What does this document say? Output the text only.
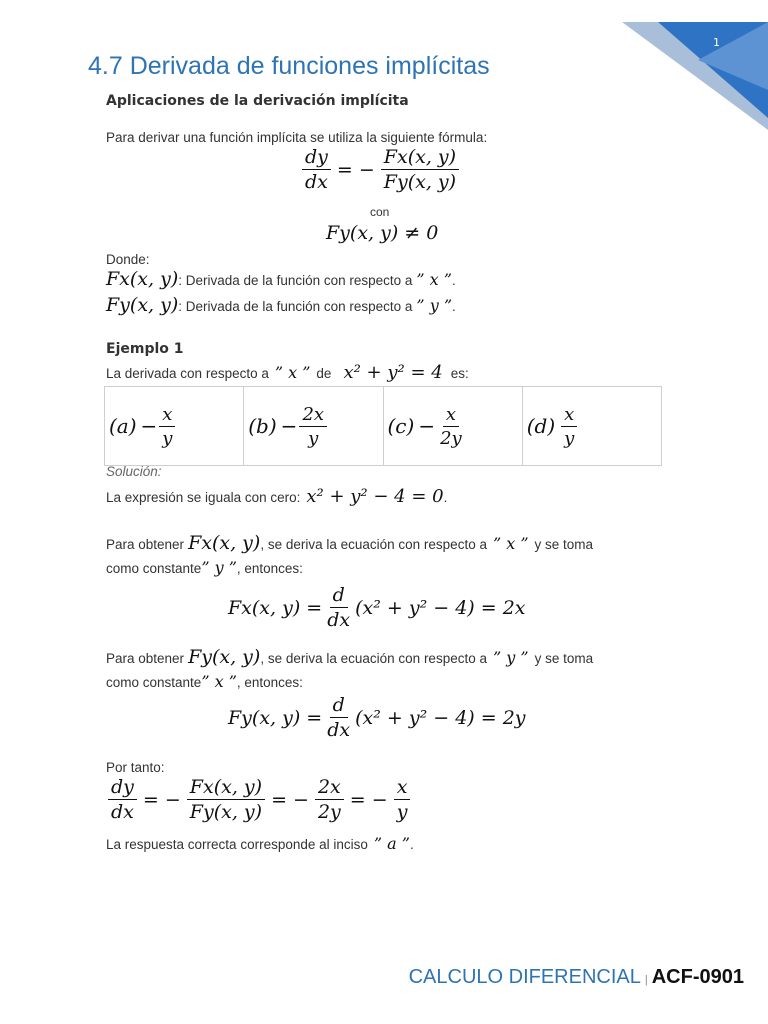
1
4.7 Derivada de funciones implícitas
Aplicaciones de la derivación implícita
Para derivar una función implícita se utiliza la siguiente fórmula:
$\frac{dy}{dx}$ = − $\frac{Fx(x, y)}{Fy(x, y)}$
con
Fy(x, y) ≠ 0
Donde:
Fx(x, y) : Derivada de la función con respecto a ” x ” .
Fy(x, y) : Derivada de la función con respecto a ” y ” .
Ejemplo 1
La derivada con respecto a ” x ” de x² + y² = 4 es:
$(a) - \frac{x}{y}$	$(b) - \frac{2x}{y}$	$(c) - \frac{x}{2y}$	$(d) \frac{x}{y}$
Solución:
La expresión se iguala con cero: x² + y² − 4 = 0 .
Para obtener Fx(x, y) , se deriva la ecuación con respecto a ” x ” y se toma
como constante ” y ” , entonces:
Fx(x, $y) = \frac{d}{dx} (x^2 + y^2 - 4) = 2x$
Para obtener Fy(x, y) , se deriva la ecuación con respecto a ” y ” y se toma
como constante ” x ” , entonces:
Fy(x, $y) = \frac{d}{dx} (x^2 + y^2 - 4) = 2y$
Por tanto:
$\frac{dy}{dx}$ = − $\frac{Fx(x, y)}{Fy(x, y)}$ = − $\frac{2x}{2y}$ = − $\frac{x}{y}$
La respuesta correcta corresponde al inciso ” a ” .
CALCULO DIFERENCIAL | ACF-0901
